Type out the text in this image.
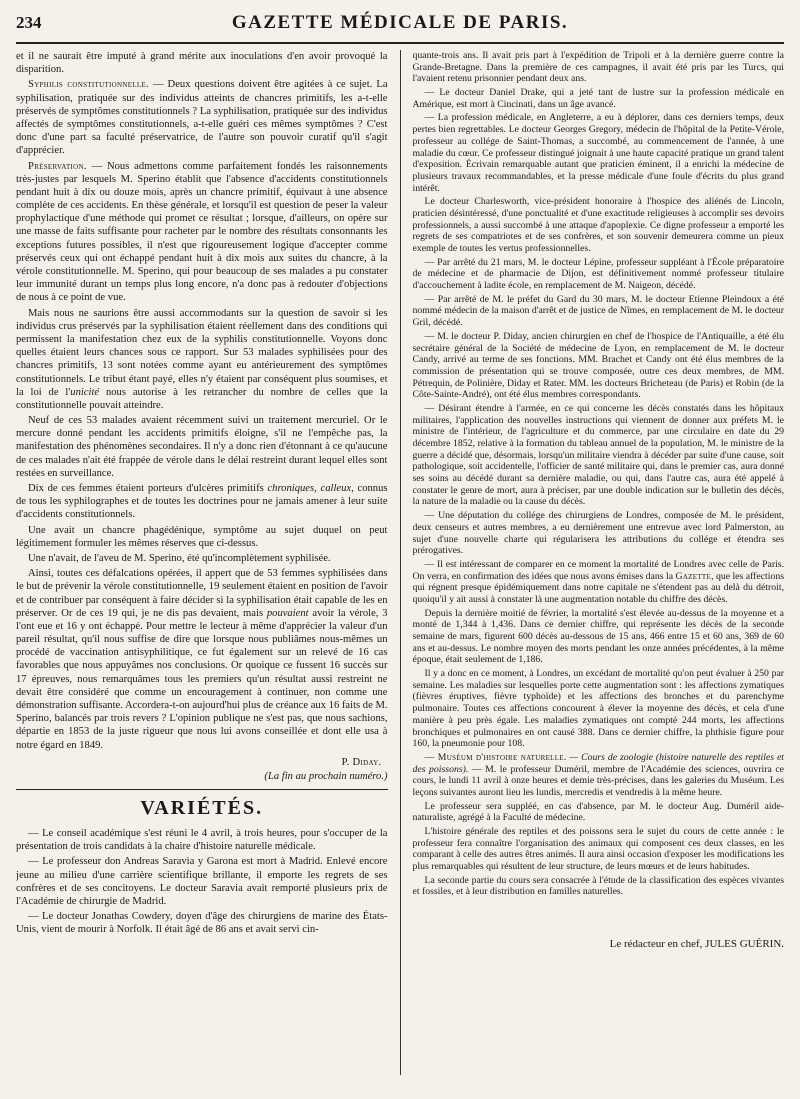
234	GAZETTE MÉDICALE DE PARIS.

et il ne saurait être imputé à grand mérite aux inoculations d'en avoir provoqué la disparition.

Syphilis constitutionnelle. — Deux questions doivent être agitées à ce sujet. La syphilisation, pratiquée sur des individus atteints de chancres primitifs, les a-t-elle préservés de symptômes constitutionnels ? La syphilisation, pratiquée sur des individus affectés de symptômes constitutionnels, a-t-elle guéri ces mêmes symptômes ? C'est donc d'une part sa faculté préservatrice, de l'autre son pouvoir curatif qu'il s'agit d'apprécier.

Préservation. — Nous admettons comme parfaitement fondés les raisonnements très-justes par lesquels M. Sperino établit que l'absence d'accidents constitutionnels pendant huit à dix ou douze mois, après un chancre primitif, équivaut à une absence complète de ces accidents. En thèse générale, et lorsqu'il est question de peser la valeur prophylactique d'une méthode qui promet ce résultat ; lorsque, d'ailleurs, on opère sur une masse de faits suffisante pour racheter par le nombre des résultats consonnants les exceptions futures possibles, il n'est que rigoureusement logique d'accepter comme préservés ceux qui ont échappé pendant huit à dix mois aux suites du chancre, à la vérole constitutionnelle. M. Sperino, qui pour beaucoup de ses malades a pu constater leur immunité durant un temps plus long encore, n'a donc pas à redouter d'objections de nous à ce point de vue.

Mais nous ne saurions être aussi accommodants sur la question de savoir si les individus crus préservés par la syphilisation étaient réellement dans des conditions qui permissent la manifestation chez eux de la syphilis constitutionnelle. Voyons donc quelles étaient leurs chances sous ce rapport. Sur 53 malades syphilisées pour des chancres primitifs, 13 sont notées comme ayant eu antérieurement des symptômes constitutionnels. Le tribut étant payé, elles n'y étaient par conséquent plus soumises, et la loi de l'unicité nous autorise à les retrancher du nombre de celles que la constitutionnelle pouvait atteindre.

Neuf de ces 53 malades avaient récemment suivi un traitement mercuriel. Or le mercure donné pendant les accidents primitifs éloigne, s'il ne l'empêche pas, la manifestation des phénomènes secondaires. Il n'y a donc rien d'étonnant à ce qu'aucune de ces malades n'ait été frappée de vérole dans le délai restreint durant lequel elles sont restées en surveillance.

Dix de ces femmes étaient porteurs d'ulcères primitifs chroniques, calleux, connus de tous les syphilographes et de toutes les doctrines pour ne jamais amener à leur suite d'accidents constitutionnels.

Une avait un chancre phagédénique, symptôme au sujet duquel on peut légitimement formuler les mêmes réserves que ci-dessus.

Une n'avait, de l'aveu de M. Sperino, été qu'incomplètement syphilisée.

Ainsi, toutes ces défalcations opérées, il appert que de 53 femmes syphilisées dans le but de prévenir la vérole constitutionnelle, 19 seulement étaient en position de l'avoir et de contribuer par conséquent à faire décider si la syphilisation était capable de les en préserver. Or de ces 19 qui, je ne dis pas devaient, mais pouvaient avoir la vérole, 3 l'ont eue et 16 y ont échappé. Pour mettre le lecteur à même d'apprécier la valeur d'un pareil résultat, qu'il nous suffise de dire que lorsque nous publiâmes nous-mêmes un procédé de vaccination antisyphilitique, ce fut également sur un relevé de 16 cas favorables que nous appuyâmes nos conclusions. Or quoique ce fussent 16 succès sur 17 épreuves, nous remarquâmes tous les premiers qu'un résultat aussi restreint ne devait être considéré que comme un encouragement à continuer, non comme une démonstration suffisante. Accordera-t-on aujourd'hui plus de créance aux 16 faits de M. Sperino, balancés par trois revers ? L'opinion publique ne s'est pas, que nous sachions, départie en 1853 de la juste rigueur que nous lui avons conseillée et dont elle usa à notre égard en 1849.

P. Diday.

(La fin au prochain numéro.)

VARIÉTÉS.

— Le conseil académique s'est réuni le 4 avril, à trois heures, pour s'occuper de la présentation de trois candidats à la chaire d'histoire naturelle médicale.

— Le professeur don Andreas Saravia y Garona est mort à Madrid. Enlevé encore jeune au milieu d'une carrière scientifique brillante, il emporte les regrets de ses confrères et de ses concitoyens. Le docteur Saravia avait remporté plusieurs prix de l'Académie de chirurgie de Madrid.

— Le docteur Jonathas Cowdery, doyen d'âge des chirurgiens de marine des États-Unis, vient de mourir à Norfolk. Il était âgé de 86 ans et avait servi cin-

quante-trois ans. Il avait pris part à l'expédition de Tripoli et à la dernière guerre contre la Grande-Bretagne. Dans la première de ces campagnes, il avait été pris par les Turcs, qui l'avaient retenu prisonnier pendant deux ans.

— Le docteur Daniel Drake, qui a jeté tant de lustre sur la profession médicale en Amérique, est mort à Cincinati, dans un âge avancé.

— La profession médicale, en Angleterre, a eu à déplorer, dans ces derniers temps, deux pertes bien regrettables. Le docteur Georges Gregory, médecin de l'hôpital de la Petite-Vérole, professeur au collége de Saint-Thomas, a succombé, au commencement de l'année, à une maladie du cœur. Ce professeur distingué joignait à une haute capacité pratique un grand talent d'exposition. Écrivain remarquable autant que praticien éminent, il a enrichi la médecine de plusieurs travaux recommandables, et la presse médicale d'une foule d'écrits du plus grand intérêt.

Le docteur Charlesworth, vice-président honoraire à l'hospice des aliénés de Lincoln, praticien désintéressé, d'une ponctualité et d'une exactitude religieuses à accomplir ses devoirs professionnels, a aussi succombé à une attaque d'apoplexie. Ce digne professeur a emporté les regrets de ses compatriotes et de ses confrères, et son souvenir demeurera comme un pieux exemple de toutes les vertus professionnelles.

— Par arrêté du 21 mars, M. le docteur Lépine, professeur suppléant à l'École préparatoire de médecine et de pharmacie de Dijon, est définitivement nommé professeur titulaire d'accouchement à ladite école, en remplacement de M. Naigeon, décédé.

— Par arrêté de M. le préfet du Gard du 30 mars, M. le docteur Etienne Pleindoux a été nommé médecin de la maison d'arrêt et de justice de Nîmes, en remplacement de M. le docteur Gril, décédé.

— M. le docteur P. Diday, ancien chirurgien en chef de l'hospice de l'Antiquaille, a été élu secrétaire général de la Société de médecine de Lyon, en remplacement de M. le docteur Candy, arrivé au terme de ses fonctions. MM. Brachet et Candy ont été élus membres de la commission de présentation qui se trouve composée, outre ces deux membres, de MM. Pétrequin, de Polinière, Diday et Rater. MM. les docteurs Bricheteau (de Paris) et Robin (de la Côte-Sainte-André), ont été élus membres correspondants.

— Désirant étendre à l'armée, en ce qui concerne les décès constatés dans les hôpitaux militaires, l'application des nouvelles instructions qui viennent de donner aux préfets M. le ministre de l'intérieur, de l'agriculture et du commerce, par une circulaire en date du 29 décembre 1852, relative à la formation du tableau annuel de la population, M. le ministre de la guerre a décidé que, désormais, lorsqu'un militaire viendra à décéder par suite d'une cause, soit pathologique, soit accidentelle, l'officier de santé militaire qui, dans le premier cas, aura donné ses soins au décédé durant sa dernière maladie, ou qui, dans l'autre cas, aura été appelé à constater le genre de mort, aura à préciser, par une double indication sur le bulletin des décès, la nature de la maladie ou la cause du décès.

— Une députation du collége des chirurgiens de Londres, composée de M. le président, deux censeurs et autres membres, a eu dernièrement une entrevue avec lord Palmerston, au sujet d'une nouvelle charte qui régularisera les attributions du collége et étendra ses prérogatives.

— Il est intéressant de comparer en ce moment la mortalité de Londres avec celle de Paris. On verra, en confirmation des idées que nous avons émises dans la Gazette, que les affections qui régnent presque épidémiquement dans notre capitale ne s'étendent pas au delà du détroit, quoiqu'il y ait aussi à constater là une augmentation notable du chiffre des décès.

Depuis la dernière moitié de février, la mortalité s'est élevée au-dessus de la moyenne et a monté de 1,344 à 1,436. Dans ce dernier chiffre, qui représente les décès de la seconde semaine de mars, figurent 600 décès au-dessous de 15 ans, 466 entre 15 et 60 ans, 369 de 60 ans et au-dessus. Le nombre moyen des morts pendant les onze années précédentes, à la même époque, était seulement de 1,186.

Il y a donc en ce moment, à Londres, un excédant de mortalité qu'on peut évaluer à 250 par semaine. Les maladies sur lesquelles porte cette augmentation sont : les affections zymatiques (fièvres éruptives, fièvre typhoïde) et les affections des bronches et du parenchyme pulmonaire. Toutes ces affections concourent à élever la moyenne des décès, et cela d'une manière à peu près égale. Les maladies zymatiques ont compté 244 morts, les affections bronchiques et pulmonaires en ont causé 388. Dans ce dernier chiffre, la phthisie figure pour 160, la pneumonie pour 108.

— Muséum d'histoire naturelle. — Cours de zoologie (histoire naturelle des reptiles et des poissons). — M. le professeur Duméril, membre de l'Académie des sciences, ouvrira ce cours, le lundi 11 avril à onze heures et demie très-précises, dans les galeries du Muséum. Les leçons suivantes auront lieu les lundis, mercredis et vendredis à la même heure.

Le professeur sera suppléé, en cas d'absence, par M. le docteur Aug. Duméril aide-naturaliste, agrégé à la Faculté de médecine.

L'histoire générale des reptiles et des poissons sera le sujet du cours de cette année : le professeur fera connaître l'organisation des animaux qui composent ces deux classes, en les comparant à celle des autres êtres animés. Il aura ainsi occasion d'exposer les modifications les plus remarquables qui résultent de leur structure, de leurs mœurs et de leurs habitudes.

La seconde partie du cours sera consacrée à l'étude de la classification des espèces vivantes et fossiles, et à leur distribution en familles naturelles.

Le rédacteur en chef, JULES GUÉRIN.
